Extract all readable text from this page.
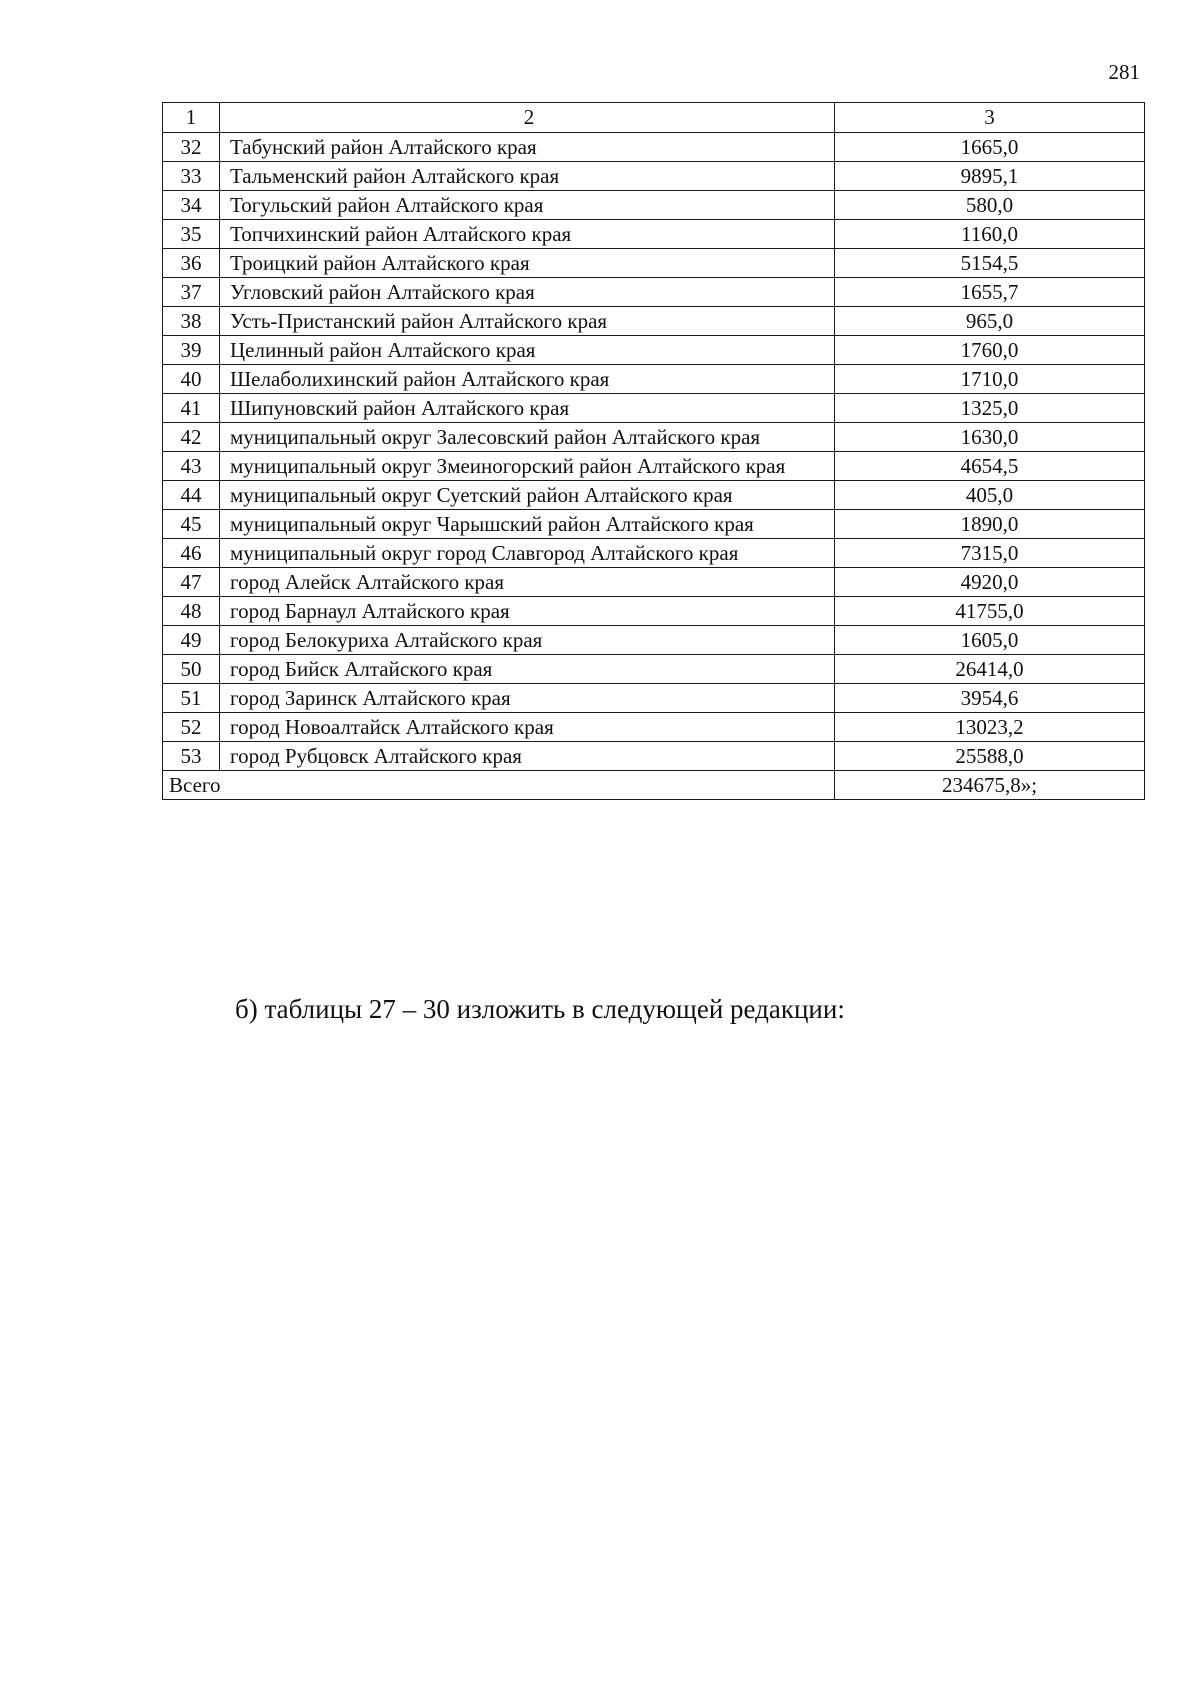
281
1	2	3
32	Табунский район Алтайского края	1665,0
33	Тальменский район Алтайского края	9895,1
34	Тогульский район Алтайского края	580,0
35	Топчихинский район Алтайского края	1160,0
36	Троицкий район Алтайского края	5154,5
37	Угловский район Алтайского края	1655,7
38	Усть-Пристанский район Алтайского края	965,0
39	Целинный район Алтайского края	1760,0
40	Шелаболихинский район Алтайского края	1710,0
41	Шипуновский район Алтайского края	1325,0
42	муниципальный округ Залесовский район Алтайского края	1630,0
43	муниципальный округ Змеиногорский район Алтайского края	4654,5
44	муниципальный округ Суетский район Алтайского края	405,0
45	муниципальный округ Чарышский район Алтайского края	1890,0
46	муниципальный округ город Славгород Алтайского края	7315,0
47	город Алейск Алтайского края	4920,0
48	город Барнаул Алтайского края	41755,0
49	город Белокуриха Алтайского края	1605,0
50	город Бийск Алтайского края	26414,0
51	город Заринск Алтайского края	3954,6
52	город Новоалтайск Алтайского края	13023,2
53	город Рубцовск Алтайского края	25588,0
Всего		234675,8»;
б) таблицы 27 – 30 изложить в следующей редакции:
